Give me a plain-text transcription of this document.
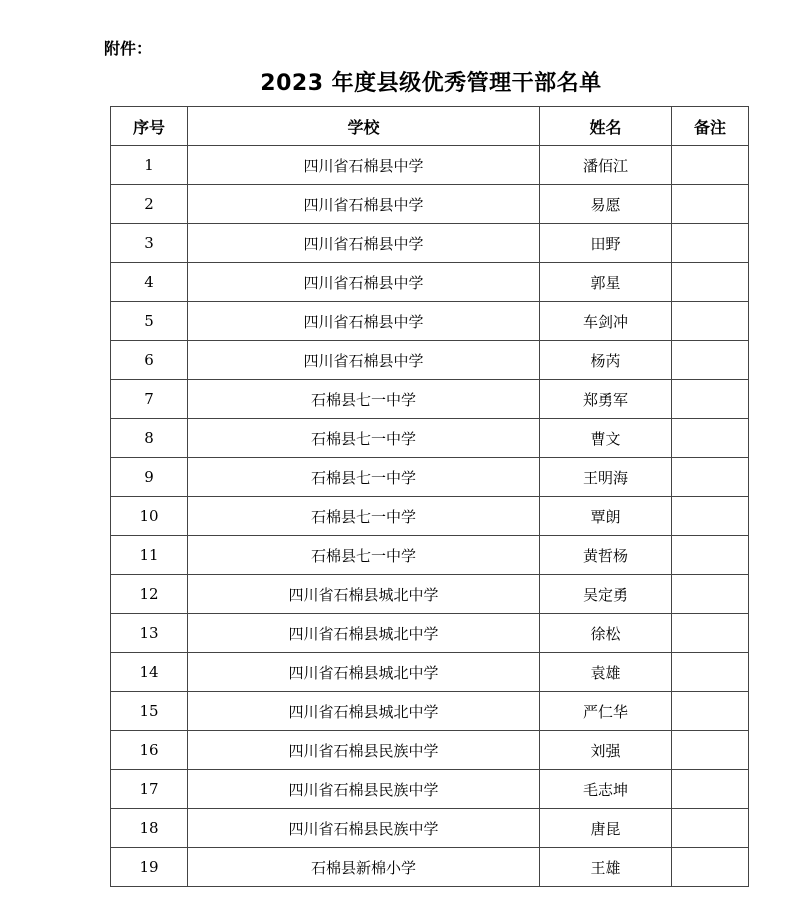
附件：
2023 年度县级优秀管理干部名单
序号	学校	姓名	备注
1	四川省石棉县中学	潘佰江	
2	四川省石棉县中学	易愿	
3	四川省石棉县中学	田野	
4	四川省石棉县中学	郭星	
5	四川省石棉县中学	车剑冲	
6	四川省石棉县中学	杨芮	
7	石棉县七一中学	郑勇军	
8	石棉县七一中学	曹文	
9	石棉县七一中学	王明海	
10	石棉县七一中学	覃朗	
11	石棉县七一中学	黄哲杨	
12	四川省石棉县城北中学	吴定勇	
13	四川省石棉县城北中学	徐松	
14	四川省石棉县城北中学	袁雄	
15	四川省石棉县城北中学	严仁华	
16	四川省石棉县民族中学	刘强	
17	四川省石棉县民族中学	毛志坤	
18	四川省石棉县民族中学	唐昆	
19	石棉县新棉小学	王雄	
